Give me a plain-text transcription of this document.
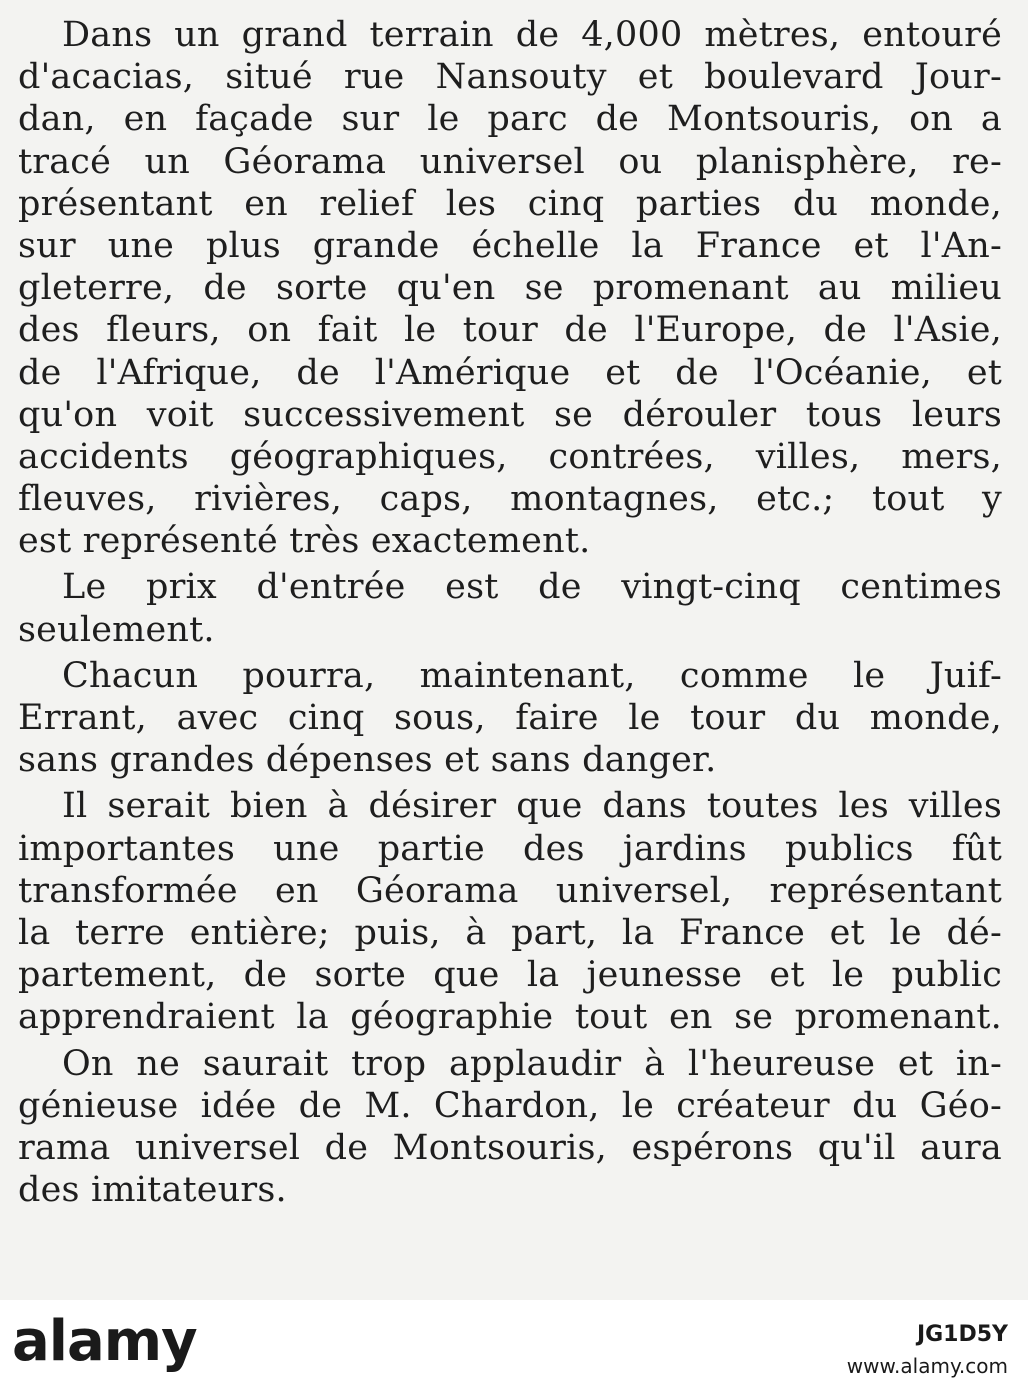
Dans un grand terrain de 4,000 mètres, entouré
d'acacias, situé rue Nansouty et boulevard Jour-
dan, en façade sur le parc de Montsouris, on a
tracé un Géorama universel ou planisphère, re-
présentant en relief les cinq parties du monde,
sur une plus grande échelle la France et l'An-
gleterre, de sorte qu'en se promenant au milieu
des fleurs, on fait le tour de l'Europe, de l'Asie,
de l'Afrique, de l'Amérique et de l'Océanie, et
qu'on voit successivement se dérouler tous leurs
accidents géographiques, contrées, villes, mers,
fleuves, rivières, caps, montagnes, etc.; tout y
est représenté très exactement.

Le prix d'entrée est de vingt-cinq centimes
seulement.

Chacun pourra, maintenant, comme le Juif-
Errant, avec cinq sous, faire le tour du monde,
sans grandes dépenses et sans danger.

Il serait bien à désirer que dans toutes les villes
importantes une partie des jardins publics fût
transformée en Géorama universel, représentant
la terre entière; puis, à part, la France et le dé-
partement, de sorte que la jeunesse et le public
apprendraient la géographie tout en se promenant.

On ne saurait trop applaudir à l'heureuse et in-
génieuse idée de M. Chardon, le créateur du Géo-
rama universel de Montsouris, espérons qu'il aura
des imitateurs.

alamy	JG1D5Y
www.alamy.com
